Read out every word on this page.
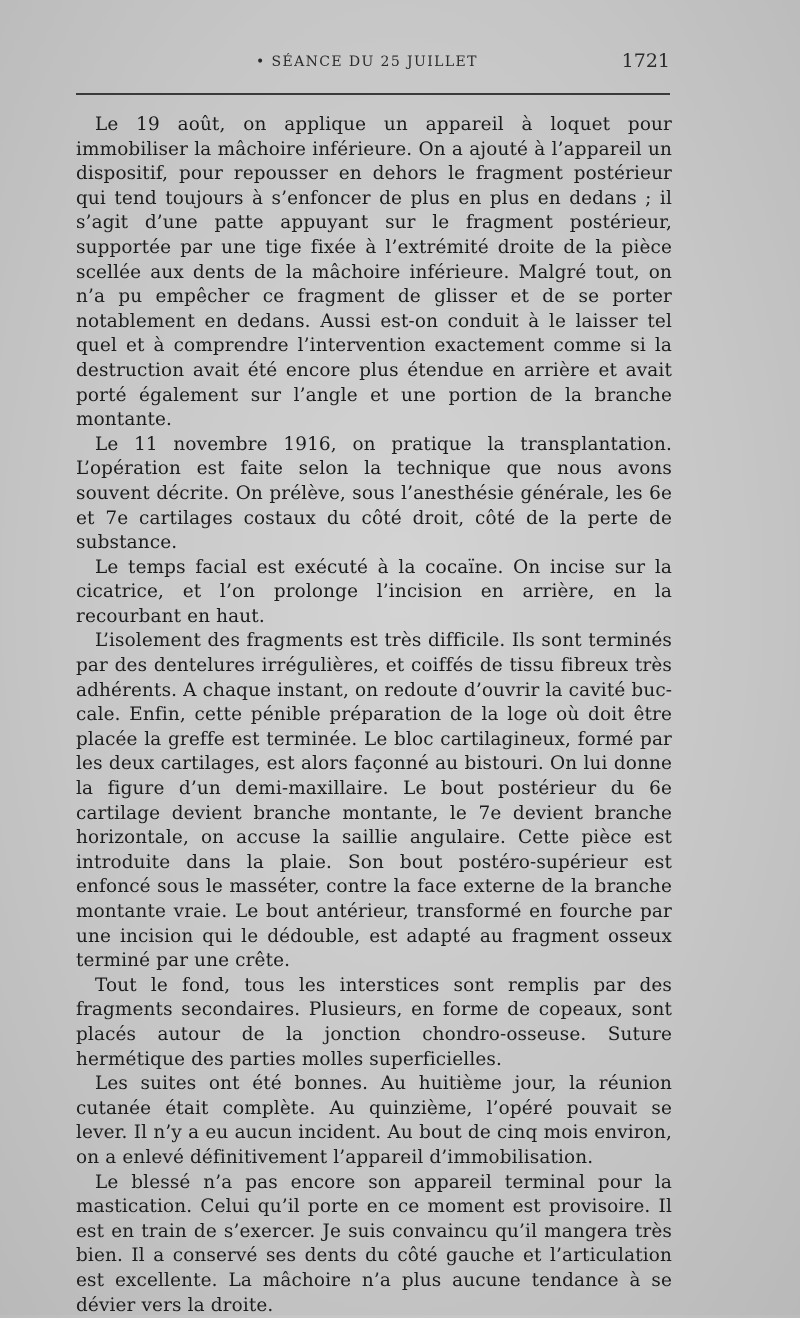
• SÉANCE DU 25 JUILLET	1721

Le 19 août, on applique un appareil à loquet pour immobiliser la mâchoire inférieure. On a ajouté à l’appareil un dispositif, pour repousser en dehors le fragment postérieur qui tend toujours à s’enfoncer de plus en plus en dedans ; il s’agit d’une patte appuyant sur le fragment postérieur, supportée par une tige fixée à l’extrémité droite de la pièce scellée aux dents de la mâchoire inférieure. Malgré tout, on n’a pu empêcher ce fragment de glisser et de se porter notablement en dedans. Aussi est-on conduit à le laisser tel quel et à comprendre l’intervention exactement comme si la destruction avait été encore plus étendue en arrière et avait porté également sur l’angle et une portion de la branche montante.

Le 11 novembre 1916, on pratique la transplantation. L’opération est faite selon la technique que nous avons souvent décrite. On prélève, sous l’anesthésie générale, les 6e et 7e cartilages costaux du côté droit, côté de la perte de substance.

Le temps facial est exécuté à la cocaïne. On incise sur la cicatrice, et l’on prolonge l’incision en arrière, en la recourbant en haut.

L’isolement des fragments est très difficile. Ils sont terminés par des dentelures irrégulières, et coiffés de tissu fibreux très adhérents. A chaque instant, on redoute d’ouvrir la cavité buccale. Enfin, cette pénible préparation de la loge où doit être placée la greffe est terminée. Le bloc cartilagineux, formé par les deux cartilages, est alors façonné au bistouri. On lui donne la figure d’un demi-maxillaire. Le bout postérieur du 6e cartilage devient branche montante, le 7e devient branche horizontale, on accuse la saillie angulaire. Cette pièce est introduite dans la plaie. Son bout postéro-supérieur est enfoncé sous le masséter, contre la face externe de la branche montante vraie. Le bout antérieur, transformé en fourche par une incision qui le dédouble, est adapté au fragment osseux terminé par une crête.

Tout le fond, tous les interstices sont remplis par des fragments secondaires. Plusieurs, en forme de copeaux, sont placés autour de la jonction chondro-osseuse. Suture hermétique des parties molles superficielles.

Les suites ont été bonnes. Au huitième jour, la réunion cutanée était complète. Au quinzième, l’opéré pouvait se lever. Il n’y a eu aucun incident. Au bout de cinq mois environ, on a enlevé définitivement l’appareil d’immobilisation.

Le blessé n’a pas encore son appareil terminal pour la mastication. Celui qu’il porte en ce moment est provisoire. Il est en train de s’exercer. Je suis convaincu qu’il mangera très bien. Il a conservé ses dents du côté gauche et l’articulation est excellente. La mâchoire n’a plus aucune tendance à se dévier vers la droite.
